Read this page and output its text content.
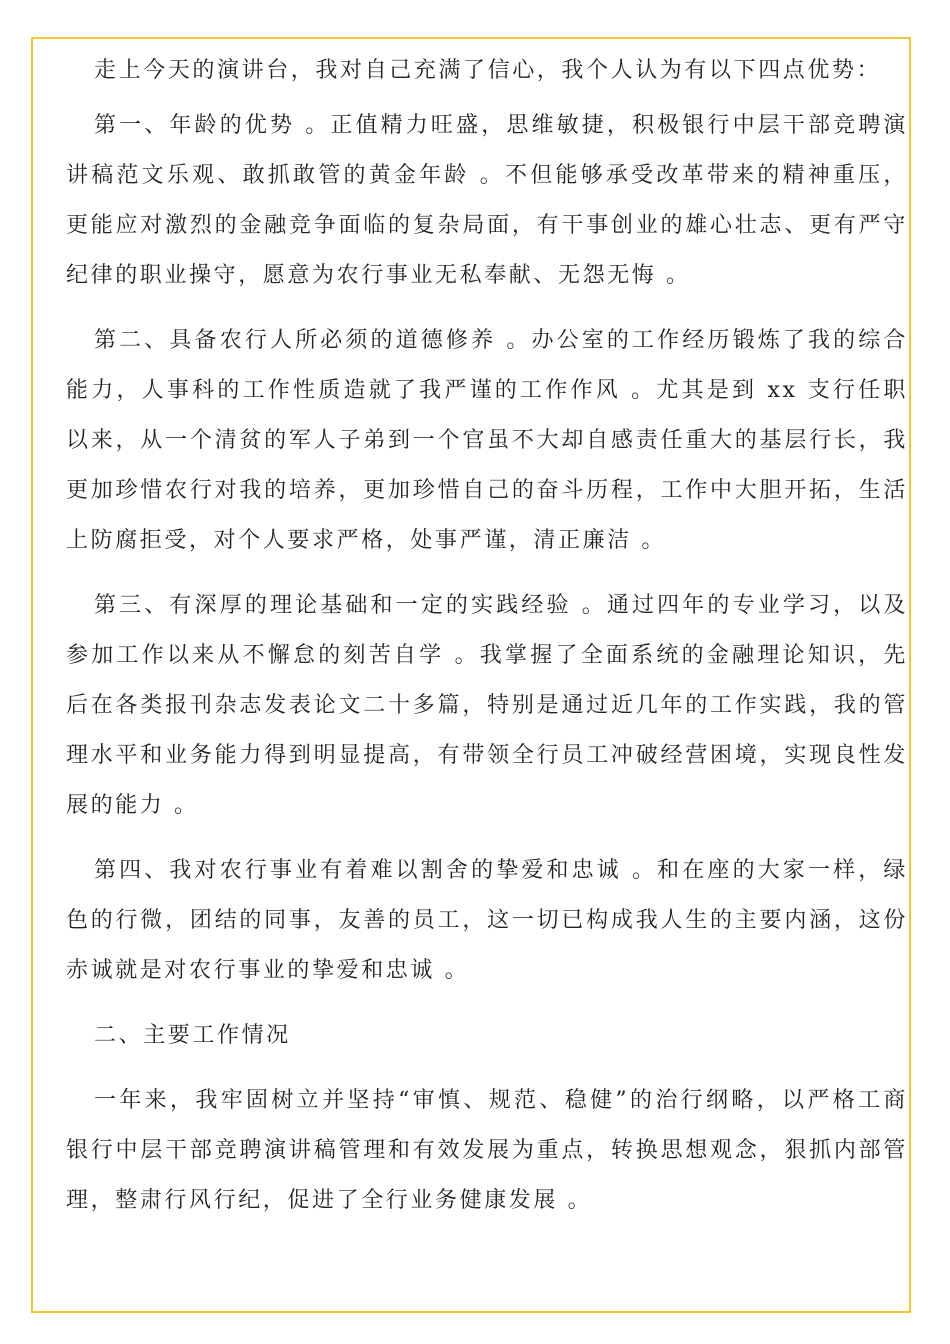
走上今天的演讲台，我对自己充满了信心，我个人认为有以下四点优势：

第一、年龄的优势 。正值精力旺盛，思维敏捷，积极银行中层干部竞聘演讲稿范文乐观、敢抓敢管的黄金年龄 。不但能够承受改革带来的精神重压，更能应对激烈的金融竞争面临的复杂局面，有干事创业的雄心壮志、更有严守纪律的职业操守，愿意为农行事业无私奉献、无怨无悔 。

第二、具备农行人所必须的道德修养 。办公室的工作经历锻炼了我的综合能力，人事科的工作性质造就了我严谨的工作作风 。尤其是到 xx 支行任职以来，从一个清贫的军人子弟到一个官虽不大却自感责任重大的基层行长，我更加珍惜农行对我的培养，更加珍惜自己的奋斗历程，工作中大胆开拓，生活上防腐拒受，对个人要求严格，处事严谨，清正廉洁 。

第三、有深厚的理论基础和一定的实践经验 。通过四年的专业学习，以及参加工作以来从不懈怠的刻苦自学 。我掌握了全面系统的金融理论知识，先后在各类报刊杂志发表论文二十多篇，特别是通过近几年的工作实践，我的管理水平和业务能力得到明显提高，有带领全行员工冲破经营困境，实现良性发展的能力 。

第四、我对农行事业有着难以割舍的挚爱和忠诚 。和在座的大家一样，绿色的行微，团结的同事，友善的员工，这一切已构成我人生的主要内涵，这份赤诚就是对农行事业的挚爱和忠诚 。

二、主要工作情况

一年来，我牢固树立并坚持“审慎、规范、稳健”的治行纲略，以严格工商银行中层干部竞聘演讲稿管理和有效发展为重点，转换思想观念，狠抓内部管理，整肃行风行纪，促进了全行业务健康发展 。
